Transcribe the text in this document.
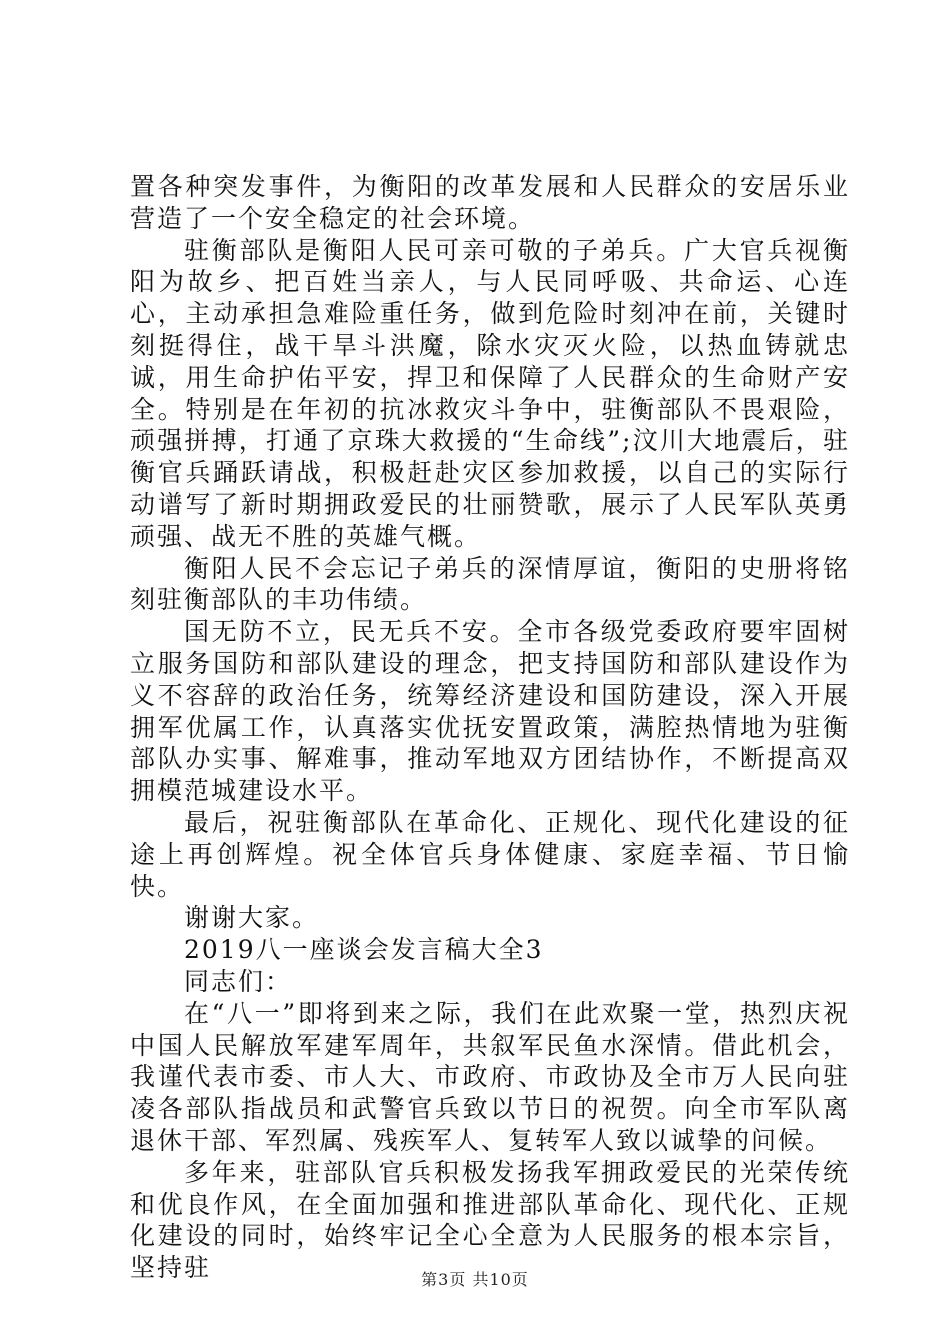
置各种突发事件，为衡阳的改革发展和人民群众的安居乐业营造了一个安全稳定的社会环境。

驻衡部队是衡阳人民可亲可敬的子弟兵。广大官兵视衡阳为故乡、把百姓当亲人，与人民同呼吸、共命运、心连心，主动承担急难险重任务，做到危险时刻冲在前，关键时刻挺得住，战干旱斗洪魔，除水灾灭火险，以热血铸就忠诚，用生命护佑平安，捍卫和保障了人民群众的生命财产安全。特别是在年初的抗冰救灾斗争中，驻衡部队不畏艰险，顽强拼搏，打通了京珠大救援的“生命线”;汶川大地震后，驻衡官兵踊跃请战，积极赶赴灾区参加救援，以自己的实际行动谱写了新时期拥政爱民的壮丽赞歌，展示了人民军队英勇顽强、战无不胜的英雄气概。

衡阳人民不会忘记子弟兵的深情厚谊，衡阳的史册将铭刻驻衡部队的丰功伟绩。

国无防不立，民无兵不安。全市各级党委政府要牢固树立服务国防和部队建设的理念，把支持国防和部队建设作为义不容辞的政治任务，统筹经济建设和国防建设，深入开展拥军优属工作，认真落实优抚安置政策，满腔热情地为驻衡部队办实事、解难事，推动军地双方团结协作，不断提高双拥模范城建设水平。

最后，祝驻衡部队在革命化、正规化、现代化建设的征途上再创辉煌。祝全体官兵身体健康、家庭幸福、节日愉快。

谢谢大家。

2019八一座谈会发言稿大全3

同志们：

在“八一”即将到来之际，我们在此欢聚一堂，热烈庆祝中国人民解放军建军周年，共叙军民鱼水深情。借此机会，我谨代表市委、市人大、市政府、市政协及全市万人民向驻凌各部队指战员和武警官兵致以节日的祝贺。向全市军队离退休干部、军烈属、残疾军人、复转军人致以诚挚的问候。

多年来，驻部队官兵积极发扬我军拥政爱民的光荣传统和优良作风，在全面加强和推进部队革命化、现代化、正规化建设的同时，始终牢记全心全意为人民服务的根本宗旨，坚持驻	第3页 共10页
